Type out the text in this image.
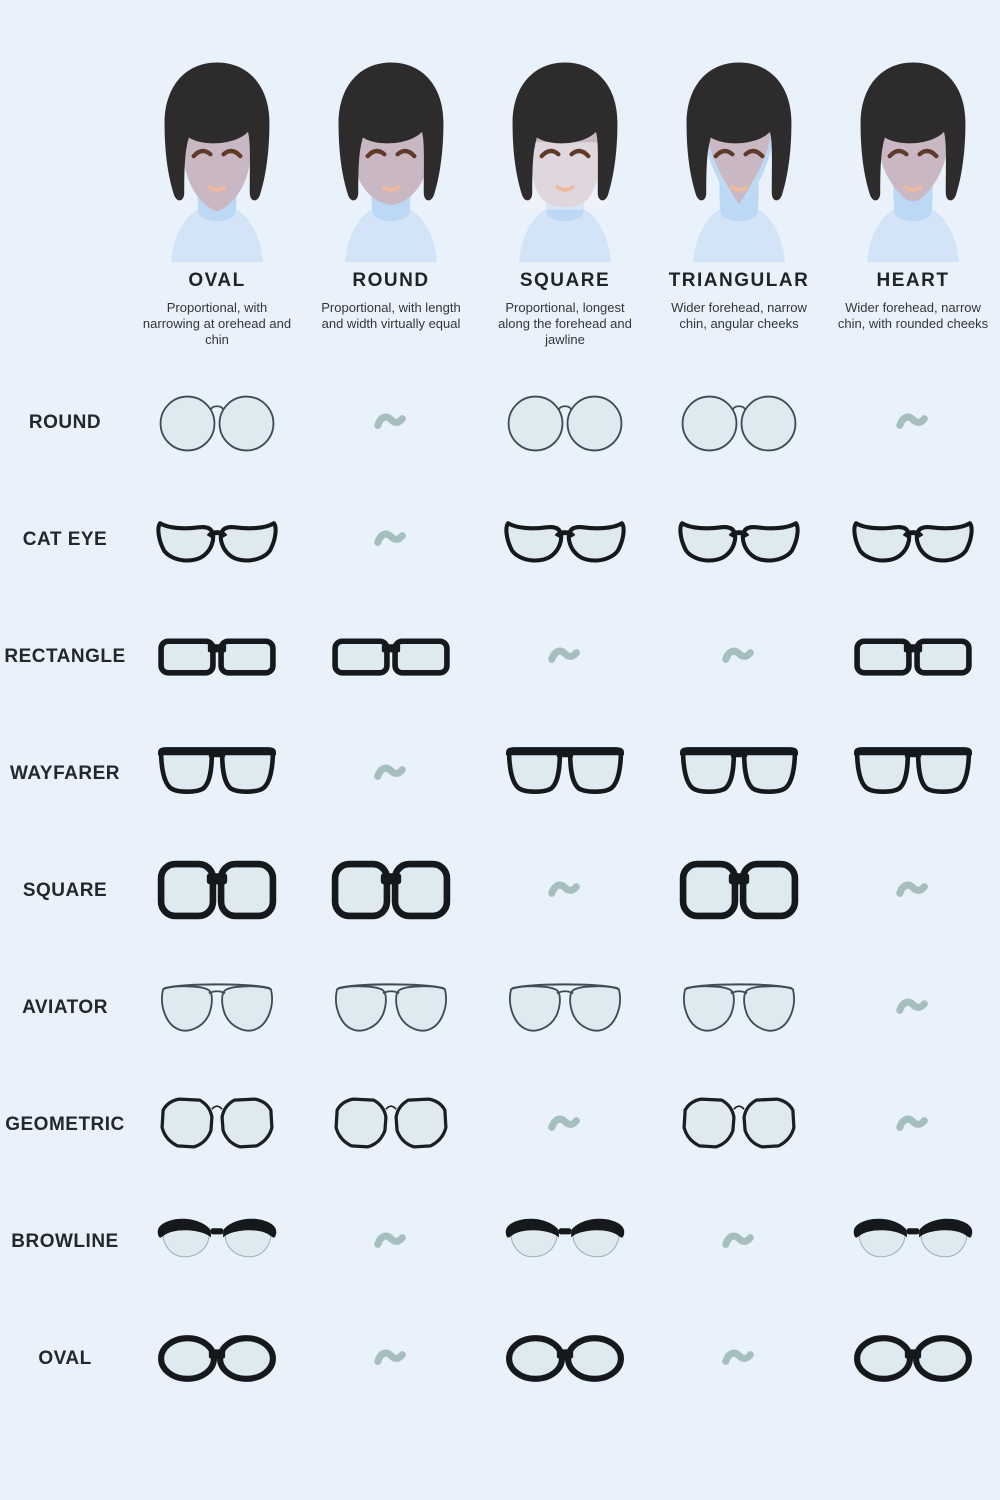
OVAL
Proportional, with narrowing at orehead and chin
ROUND
Proportional, with length and width virtually equal
SQUARE
Proportional, longest along the forehead and jawline
TRIANGULAR
Wider forehead, narrow chin, angular cheeks
HEART
Wider forehead, narrow chin, with rounded cheeks
ROUND
CAT EYE
RECTANGLE
WAYFARER
SQUARE
AVIATOR
GEOMETRIC
BROWLINE
OVAL
